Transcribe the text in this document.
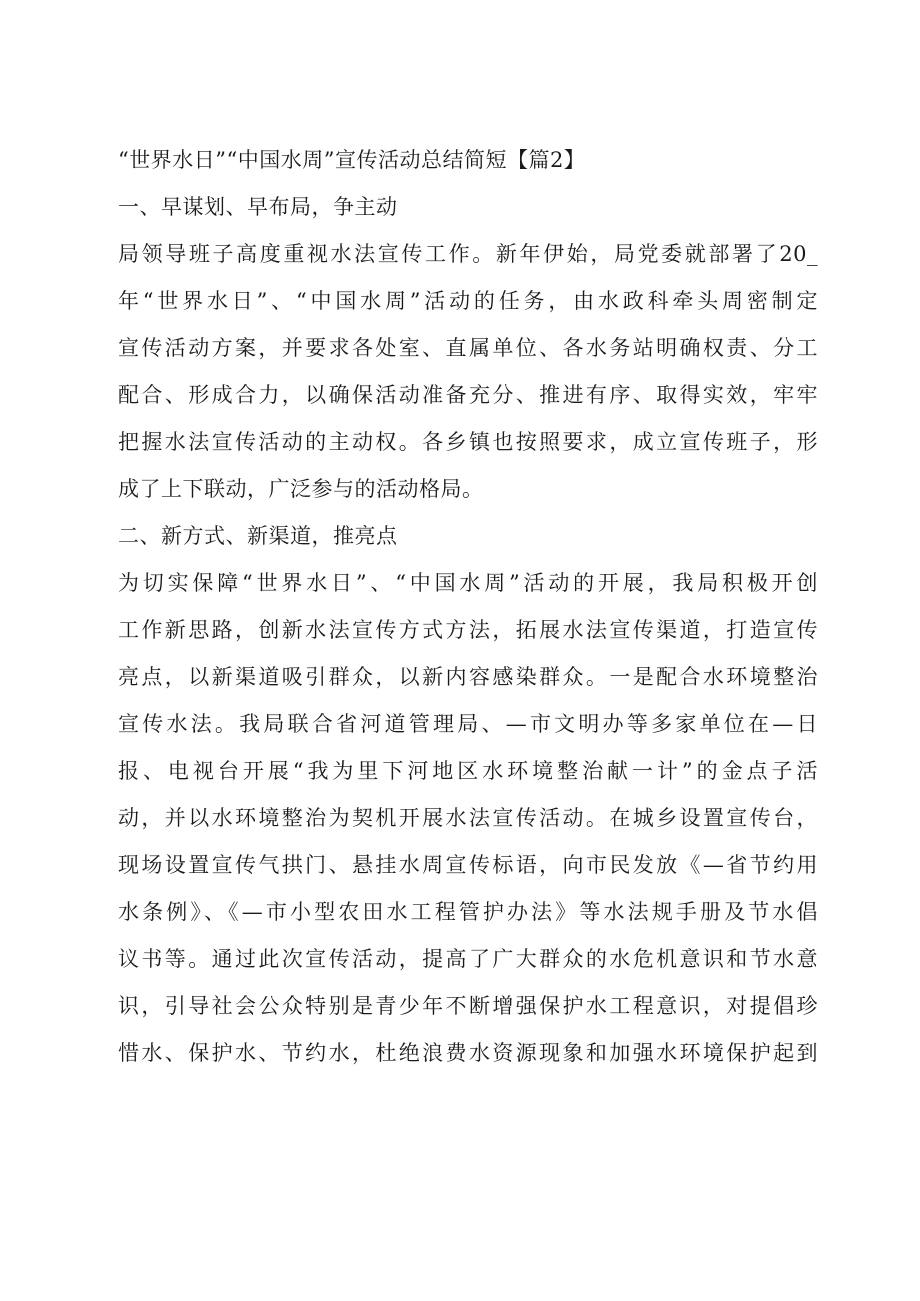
“世界水日”“中国水周”宣传活动总结简短【篇2】
一、早谋划、早布局，争主动
局领导班子高度重视水法宣传工作。新年伊始，局党委就部署了20_
年“世界水日”、“中国水周”活动的任务，由水政科牵头周密制定
宣传活动方案，并要求各处室、直属单位、各水务站明确权责、分工
配合、形成合力，以确保活动准备充分、推进有序、取得实效，牢牢
把握水法宣传活动的主动权。各乡镇也按照要求，成立宣传班子，形
成了上下联动，广泛参与的活动格局。
二、新方式、新渠道，推亮点
为切实保障“世界水日”、“中国水周”活动的开展，我局积极开创
工作新思路，创新水法宣传方式方法，拓展水法宣传渠道，打造宣传
亮点，以新渠道吸引群众，以新内容感染群众。一是配合水环境整治
宣传水法。我局联合省河道管理局、—市文明办等多家单位在—日
报、电视台开展“我为里下河地区水环境整治献一计”的金点子活
动，并以水环境整治为契机开展水法宣传活动。在城乡设置宣传台，
现场设置宣传气拱门、悬挂水周宣传标语，向市民发放《—省节约用
水条例》、《—市小型农田水工程管护办法》等水法规手册及节水倡
议书等。通过此次宣传活动，提高了广大群众的水危机意识和节水意
识，引导社会公众特别是青少年不断增强保护水工程意识，对提倡珍
惜水、保护水、节约水，杜绝浪费水资源现象和加强水环境保护起到
